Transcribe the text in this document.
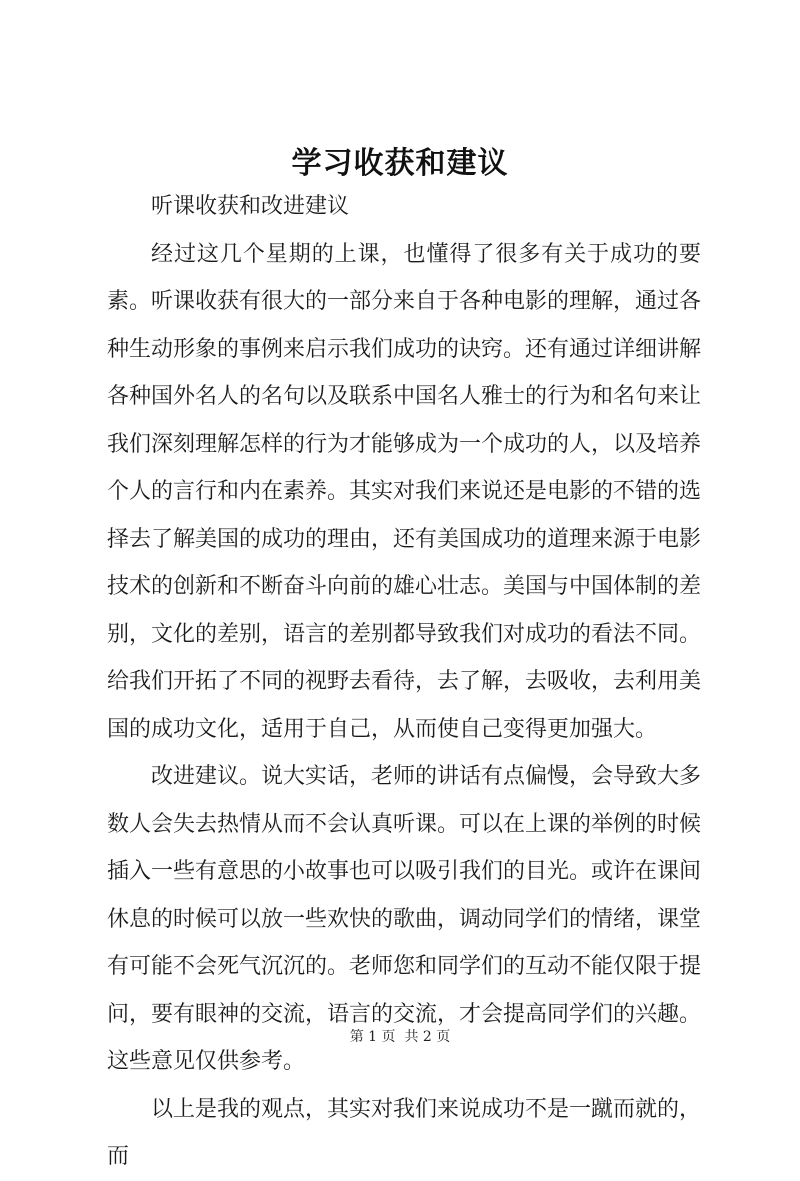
学习收获和建议

听课收获和改进建议

经过这几个星期的上课，也懂得了很多有关于成功的要素。听课收获有很大的一部分来自于各种电影的理解，通过各种生动形象的事例来启示我们成功的诀窍。还有通过详细讲解各种国外名人的名句以及联系中国名人雅士的行为和名句来让我们深刻理解怎样的行为才能够成为一个成功的人，以及培养个人的言行和内在素养。其实对我们来说还是电影的不错的选择去了解美国的成功的理由，还有美国成功的道理来源于电影技术的创新和不断奋斗向前的雄心壮志。美国与中国体制的差别，文化的差别，语言的差别都导致我们对成功的看法不同。给我们开拓了不同的视野去看待，去了解，去吸收，去利用美国的成功文化，适用于自己，从而使自己变得更加强大。

改进建议。说大实话，老师的讲话有点偏慢，会导致大多数人会失去热情从而不会认真听课。可以在上课的举例的时候插入一些有意思的小故事也可以吸引我们的目光。或许在课间休息的时候可以放一些欢快的歌曲，调动同学们的情绪，课堂有可能不会死气沉沉的。老师您和同学们的互动不能仅限于提问，要有眼神的交流，语言的交流，才会提高同学们的兴趣。这些意见仅供参考。

以上是我的观点，其实对我们来说成功不是一蹴而就的，而

第 1 页  共 2 页
